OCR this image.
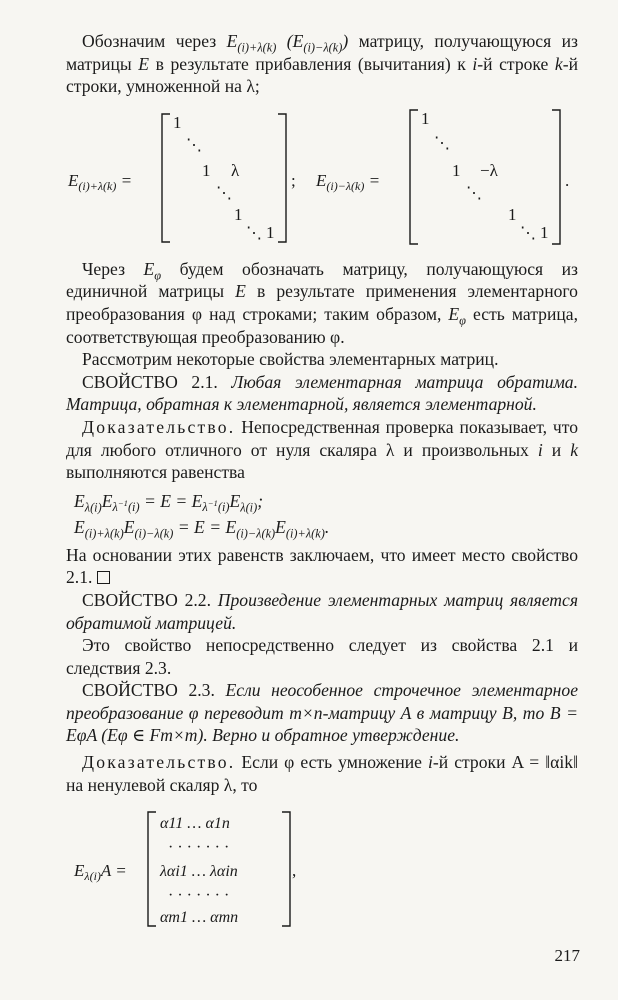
Обозначим через $E_{(i)+\lambda(k)}$ $(E_{(i)-\lambda(k)})$ матрицу, получающуюся из матрицы E в результате прибавления (вычитания) к i-й строке k-й строки, умноженной на λ;

$E_{(i)+\lambda(k)}$ =
1
⋱
1 λ
⋱
1
⋱ 1
; $E_{(i)-\lambda(k)}$ =
1
⋱
1 −λ
⋱
1
⋱ 1
.

Через $E_\varphi$ будем обозначать матрицу, получающуюся из единичной матрицы E в результате применения элементарного преобразования φ над строками; таким образом, $E_\varphi$ есть матрица, соответствующая преобразованию φ.

Рассмотрим некоторые свойства элементарных матриц.

СВОЙСТВО 2.1. Любая элементарная матрица обратима. Матрица, обратная к элементарной, является элементарной.

Доказательство. Непосредственная проверка показывает, что для любого отличного от нуля скаляра λ и произвольных i и k выполняются равенства

$E_{\lambda(i)}E_{\lambda^{-1}(i)} = E = E_{\lambda^{-1}(i)}E_{\lambda(i)}$;
$E_{(i)+\lambda(k)}E_{(i)-\lambda(k)} = E = E_{(i)-\lambda(k)}E_{(i)+\lambda(k)}$.

На основании этих равенств заключаем, что имеет место свойство 2.1.

СВОЙСТВО 2.2. Произведение элементарных матриц является обратимой матрицей.

Это свойство непосредственно следует из свойства 2.1 и следствия 2.3.

СВОЙСТВО 2.3. Если неособенное строчечное элементарное преобразование φ переводит m×n-матрицу A в матрицу B, то B = EφA (Eφ ∈ Fm×m). Верно и обратное утверждение.

Доказательство. Если φ есть умножение i-й строки A = ‖αik‖ на ненулевой скаляр λ, то

$E_{\lambda(i)}A$ =
α11 … α1n
· · · · · · ·
λαi1 … λαin
· · · · · · ·
αm1 … αmn
,
217
